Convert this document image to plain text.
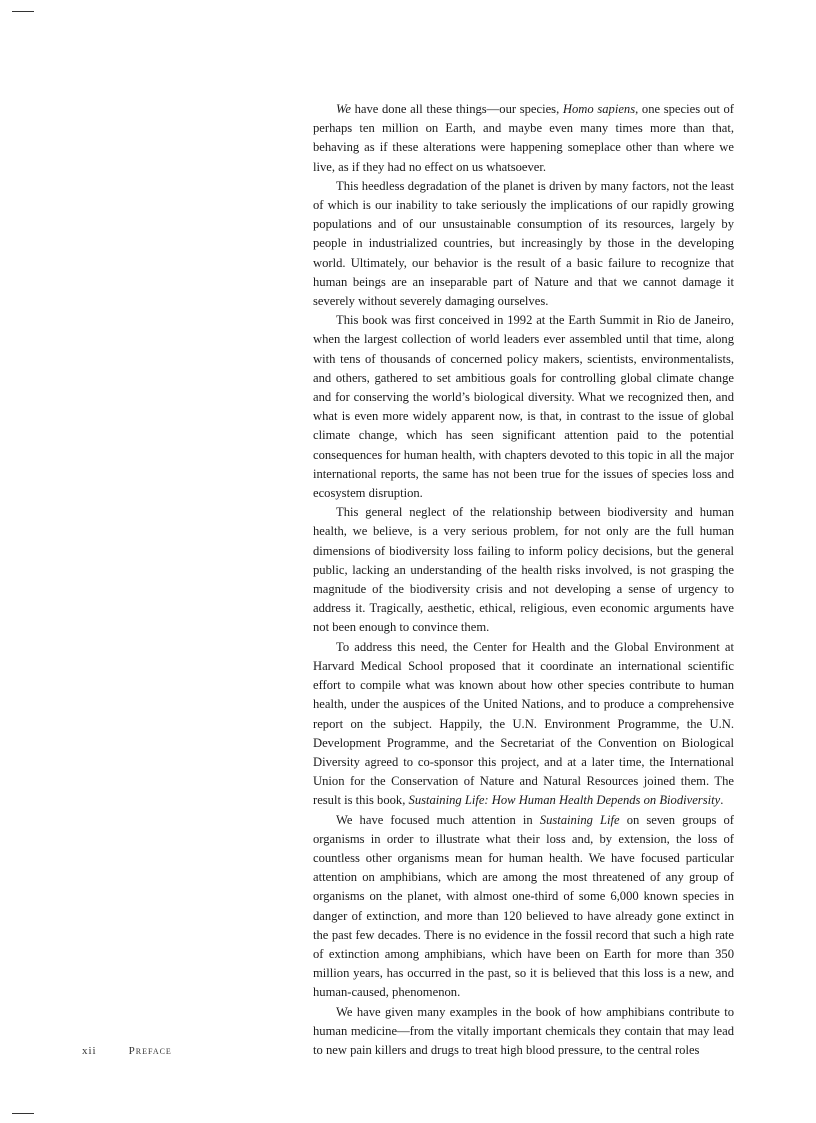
We have done all these things—our species, Homo sapiens, one species out of perhaps ten million on Earth, and maybe even many times more than that, behaving as if these alterations were happening someplace other than where we live, as if they had no effect on us whatsoever.

This heedless degradation of the planet is driven by many factors, not the least of which is our inability to take seriously the implications of our rapidly growing populations and of our unsustainable consumption of its resources, largely by people in industrialized countries, but increasingly by those in the developing world. Ultimately, our behavior is the result of a basic failure to recognize that human beings are an inseparable part of Nature and that we cannot damage it severely without severely damaging ourselves.

This book was first conceived in 1992 at the Earth Summit in Rio de Janeiro, when the largest collection of world leaders ever assembled until that time, along with tens of thousands of concerned policy makers, scientists, environmentalists, and others, gathered to set ambitious goals for controlling global climate change and for conserving the world’s biological diversity. What we recognized then, and what is even more widely apparent now, is that, in contrast to the issue of global climate change, which has seen significant attention paid to the potential consequences for human health, with chapters devoted to this topic in all the major international reports, the same has not been true for the issues of species loss and ecosystem disruption.

This general neglect of the relationship between biodiversity and human health, we believe, is a very serious problem, for not only are the full human dimensions of biodiversity loss failing to inform policy decisions, but the general public, lacking an understanding of the health risks involved, is not grasping the magnitude of the biodiversity crisis and not developing a sense of urgency to address it. Tragically, aesthetic, ethical, religious, even economic arguments have not been enough to convince them.

To address this need, the Center for Health and the Global Environment at Harvard Medical School proposed that it coordinate an international scientific effort to compile what was known about how other species contribute to human health, under the auspices of the United Nations, and to produce a comprehensive report on the subject. Happily, the U.N. Environment Programme, the U.N. Development Programme, and the Secretariat of the Convention on Biological Diversity agreed to co-sponsor this project, and at a later time, the International Union for the Conservation of Nature and Natural Resources joined them. The result is this book, Sustaining Life: How Human Health Depends on Biodiversity.

We have focused much attention in Sustaining Life on seven groups of organisms in order to illustrate what their loss and, by extension, the loss of countless other organisms mean for human health. We have focused particular attention on amphibians, which are among the most threatened of any group of organisms on the planet, with almost one-third of some 6,000 known species in danger of extinction, and more than 120 believed to have already gone extinct in the past few decades. There is no evidence in the fossil record that such a high rate of extinction among amphibians, which have been on Earth for more than 350 million years, has occurred in the past, so it is believed that this loss is a new, and human-caused, phenomenon.

We have given many examples in the book of how amphibians contribute to human medicine—from the vitally important chemicals they contain that may lead to new pain killers and drugs to treat high blood pressure, to the central roles

xii	Preface
